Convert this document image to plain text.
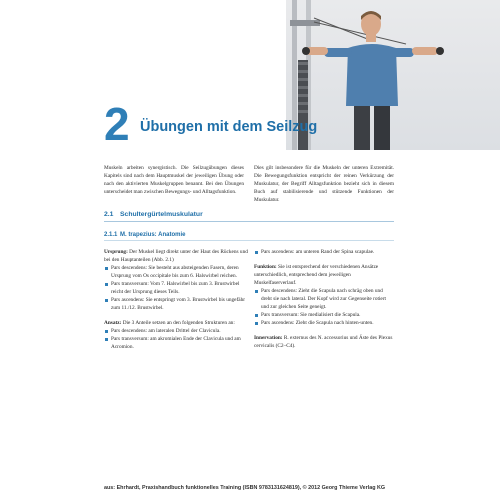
2 Übungen mit dem Seilzug

Muskeln arbeiten synergistisch. Die Seilzugübungen dieses Kapitels sind nach dem Hauptmuskel der jeweiligen Übung oder nach den aktivierten Muskelgruppen benannt. Bei den Übungen unterscheidet man zwischen Bewegungs- und Alltagsfunktion.

Dies gilt insbesondere für die Muskeln der unteren Extremität. Die Bewegungsfunktion entspricht der reinen Verkürzung der Muskulatur, der Begriff Alltagsfunktion bezieht sich in diesem Buch auf stabilisierende und stützende Funktionen der Muskulatur.

2.1 Schultergürtelmuskulatur
2.1.1 M. trapezius: Anatomie

Ursprung: Der Muskel liegt direkt unter der Haut des Rückens und bei den Hauptanteilen (Abb. 2.1)

Pars descendens: Sie besteht aus absteigenden Fasern, deren Ursprung vom Os occipitale bis zum 6. Halswirbel reichen.

Pars transversum: Vom 7. Halswirbel bis zum 3. Brustwirbel reicht der Ursprung dieses Teils.

Pars ascendens: Sie entspringt vom 3. Brustwirbel bis ungefähr zum 11./12. Brustwirbel.

Ansatz: Die 3 Anteile setzen an den folgenden Strukturen an:

Pars descendens: am lateralen Drittel der Clavicula.

Pars transversum: am akromialen Ende der Clavicula und am Acromion.

Pars ascendens: am unteren Rand der Spina scapulae.

Funktion: Sie ist entsprechend der verschiedenen Ansätze unterschiedlich, entsprechend dem jeweiligen Muskelfaserverlauf.

Pars descendens: Zieht die Scapula nach schräg oben und dreht sie nach lateral. Der Kopf wird zur Gegenseite rotiert und zur gleichen Seite geneigt.

Pars transversum: Sie medialisiert die Scapula.

Pars ascendens: Zieht die Scapula nach hinten-unten.

Innervation: R. externus des N. accessorius und Äste des Plexus cervicalis (C2–C4).

aus: Ehrhardt, Praxishandbuch funktionelles Training (ISBN 9783131624819), © 2012 Georg Thieme Verlag KG
